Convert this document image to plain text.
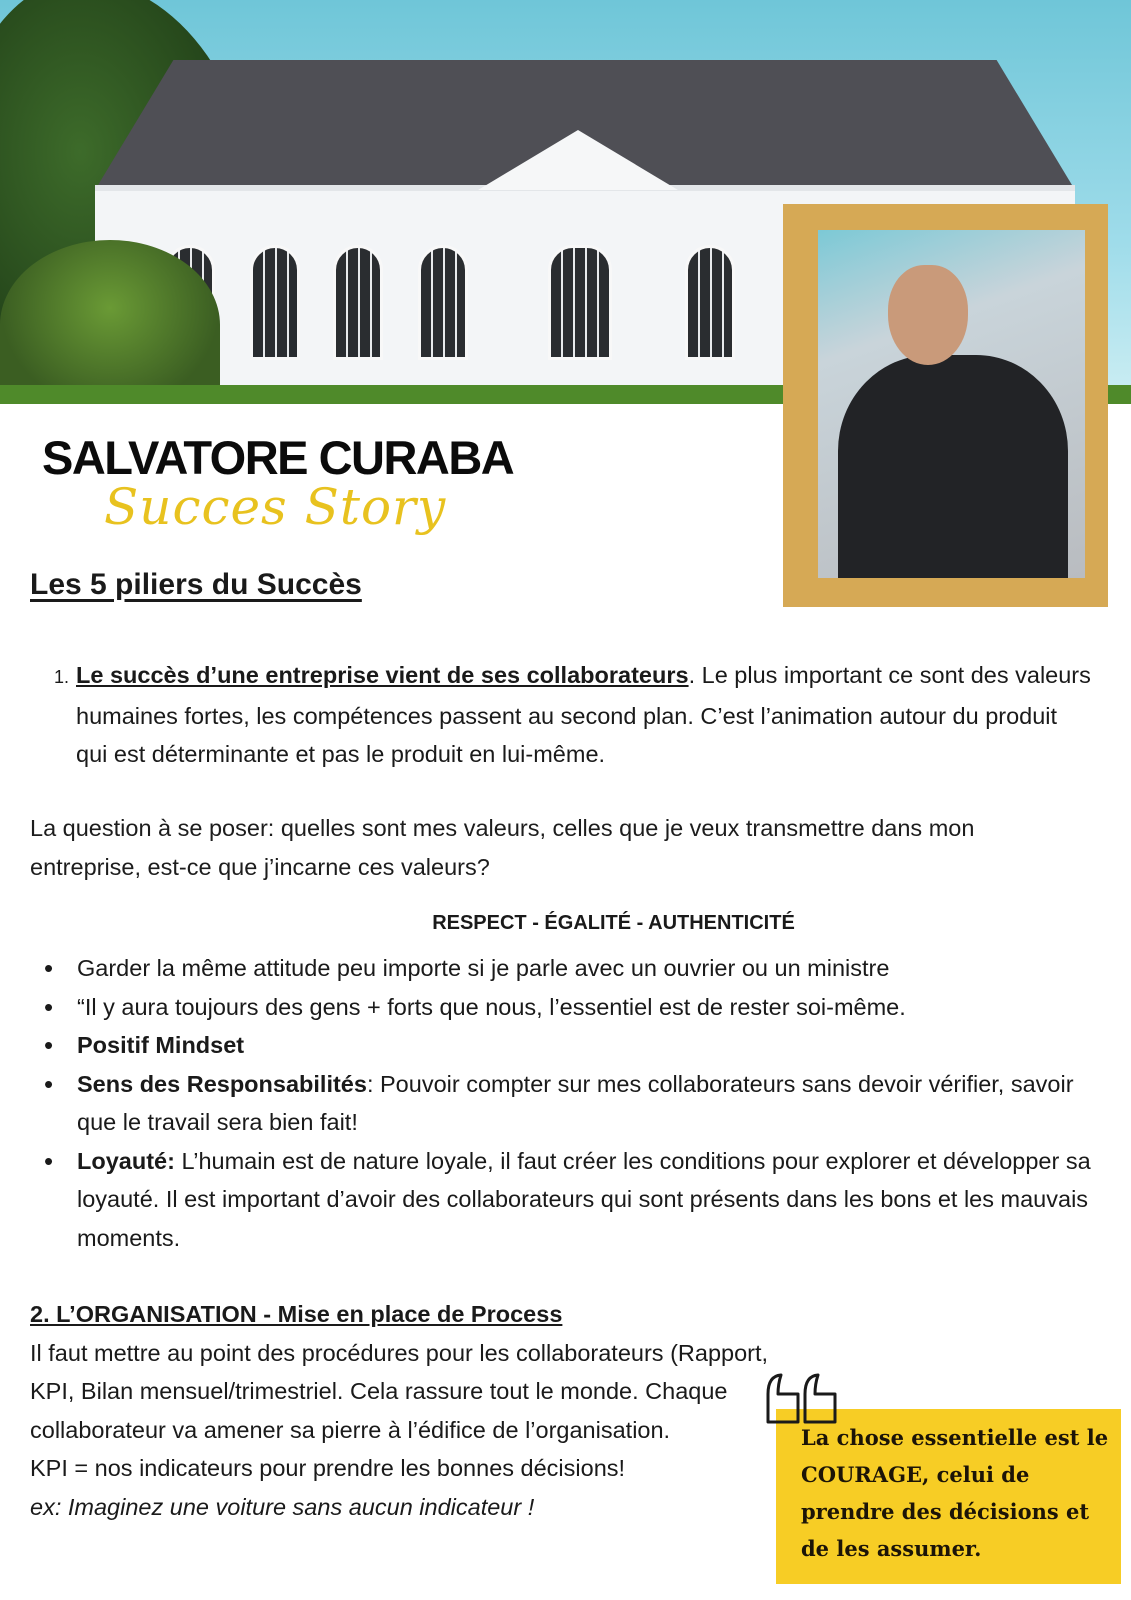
SALVATORE CURABA
Succes Story
Les 5 piliers du Succès
1. Le succès d’une entreprise vient de ses collaborateurs. Le plus important ce sont des valeurs humaines fortes, les compétences passent au second plan. C’est l’animation autour du produit qui est déterminante et pas le produit en lui-même.
La question à se poser: quelles sont mes valeurs, celles que je veux transmettre dans mon entreprise, est-ce que j’incarne ces valeurs?
RESPECT - ÉGALITÉ - AUTHENTICITÉ
• Garder la même attitude peu importe si je parle avec un ouvrier ou un ministre
• “Il y aura toujours des gens + forts que nous, l’essentiel est de rester soi-même.
• Positif Mindset
• Sens des Responsabilités: Pouvoir compter sur mes collaborateurs sans devoir vérifier, savoir que le travail sera bien fait!
• Loyauté: L’humain est de nature loyale, il faut créer les conditions pour explorer et développer sa loyauté. Il est important d’avoir des collaborateurs qui sont présents dans les bons et les mauvais moments.
2. L’ORGANISATION - Mise en place de Process
Il faut mettre au point des procédures pour les collaborateurs (Rapport, KPI, Bilan mensuel/trimestriel. Cela rassure tout le monde. Chaque collaborateur va amener sa pierre à l’édifice de l’organisation.
KPI = nos indicateurs pour prendre les bonnes décisions!
ex: Imaginez une voiture sans aucun indicateur !
La chose essentielle est le COURAGE, celui de prendre des décisions et de les assumer.
